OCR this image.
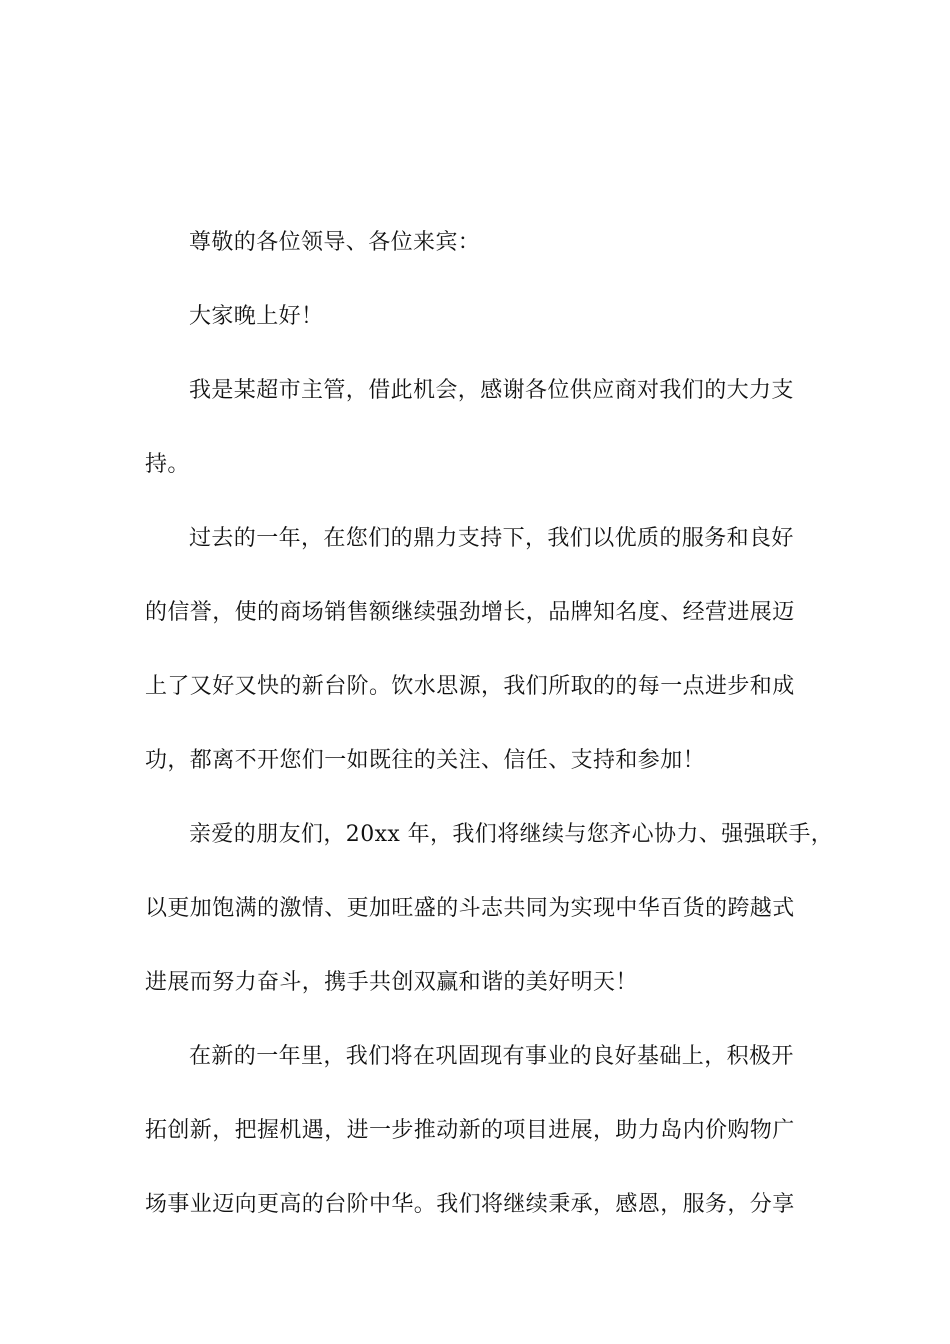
尊敬的各位领导、各位来宾：
大家晚上好！
我是某超市主管，借此机会，感谢各位供应商对我们的大力支
持。
过去的一年，在您们的鼎力支持下，我们以优质的服务和良好
的信誉，使的商场销售额继续强劲增长，品牌知名度、经营进展迈
上了又好又快的新台阶。饮水思源，我们所取的的每一点进步和成
功，都离不开您们一如既往的关注、信任、支持和参加！
亲爱的朋友们，20xx 年，我们将继续与您齐心协力、强强联手，
以更加饱满的激情、更加旺盛的斗志共同为实现中华百货的跨越式
进展而努力奋斗，携手共创双赢和谐的美好明天！
在新的一年里，我们将在巩固现有事业的良好基础上，积极开
拓创新，把握机遇，进一步推动新的项目进展，助力岛内价购物广
场事业迈向更高的台阶中华。我们将继续秉承，感恩，服务，分享
